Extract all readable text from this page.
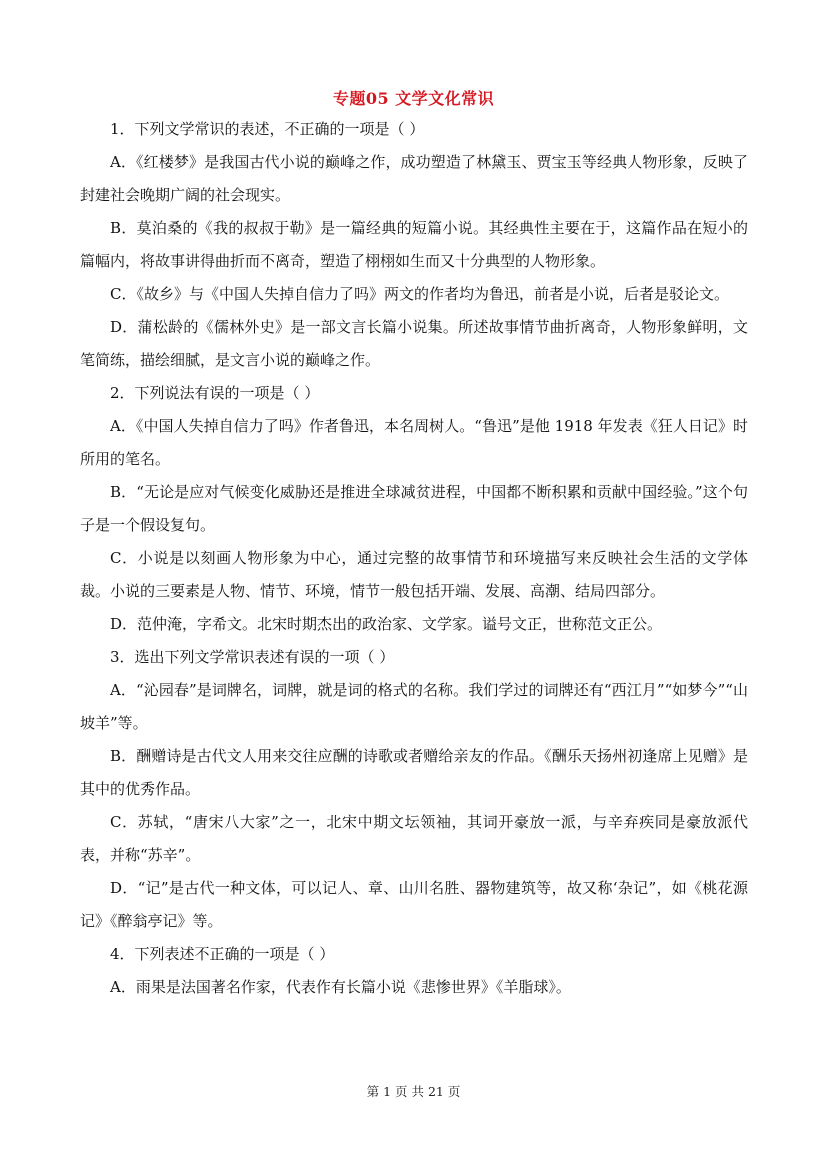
专题05 文学文化常识

1．下列文学常识的表述，不正确的一项是（ ）

A．《红楼梦》是我国古代小说的巅峰之作，成功塑造了林黛玉、贾宝玉等经典人物形象，反映了封建社会晚期广阔的社会现实。

B．莫泊桑的《我的叔叔于勒》是一篇经典的短篇小说。其经典性主要在于，这篇作品在短小的篇幅内，将故事讲得曲折而不离奇，塑造了栩栩如生而又十分典型的人物形象。

C．《故乡》与《中国人失掉自信力了吗》两文的作者均为鲁迅，前者是小说，后者是驳论文。

D．蒲松龄的《儒林外史》是一部文言长篇小说集。所述故事情节曲折离奇，人物形象鲜明，文笔简练，描绘细腻，是文言小说的巅峰之作。

2．下列说法有误的一项是（ ）

A．《中国人失掉自信力了吗》作者鲁迅，本名周树人。“鲁迅”是他 1918 年发表《狂人日记》时所用的笔名。

B．“无论是应对气候变化威胁还是推进全球减贫进程，中国都不断积累和贡献中国经验。”这个句子是一个假设复句。

C．小说是以刻画人物形象为中心，通过完整的故事情节和环境描写来反映社会生活的文学体裁。小说的三要素是人物、情节、环境，情节一般包括开端、发展、高潮、结局四部分。

D．范仲淹，字希文。北宋时期杰出的政治家、文学家。谥号文正，世称范文正公。

3．选出下列文学常识表述有误的一项（ ）

A．“沁园春”是词牌名，词牌，就是词的格式的名称。我们学过的词牌还有“西江月”“如梦今”“山坡羊”等。

B．酬赠诗是古代文人用来交往应酬的诗歌或者赠给亲友的作品。《酬乐天扬州初逢席上见赠》是其中的优秀作品。

C．苏轼，“唐宋八大家”之一，北宋中期文坛领袖，其词开豪放一派，与辛弃疾同是豪放派代表，并称“苏辛”。

D．“记”是古代一种文体，可以记人、章、山川名胜、器物建筑等，故又称‘杂记”，如《桃花源记》《醉翁亭记》等。

4．下列表述不正确的一项是（ ）

A．雨果是法国著名作家，代表作有长篇小说《悲惨世界》《羊脂球》。

第 1 页 共 21 页
